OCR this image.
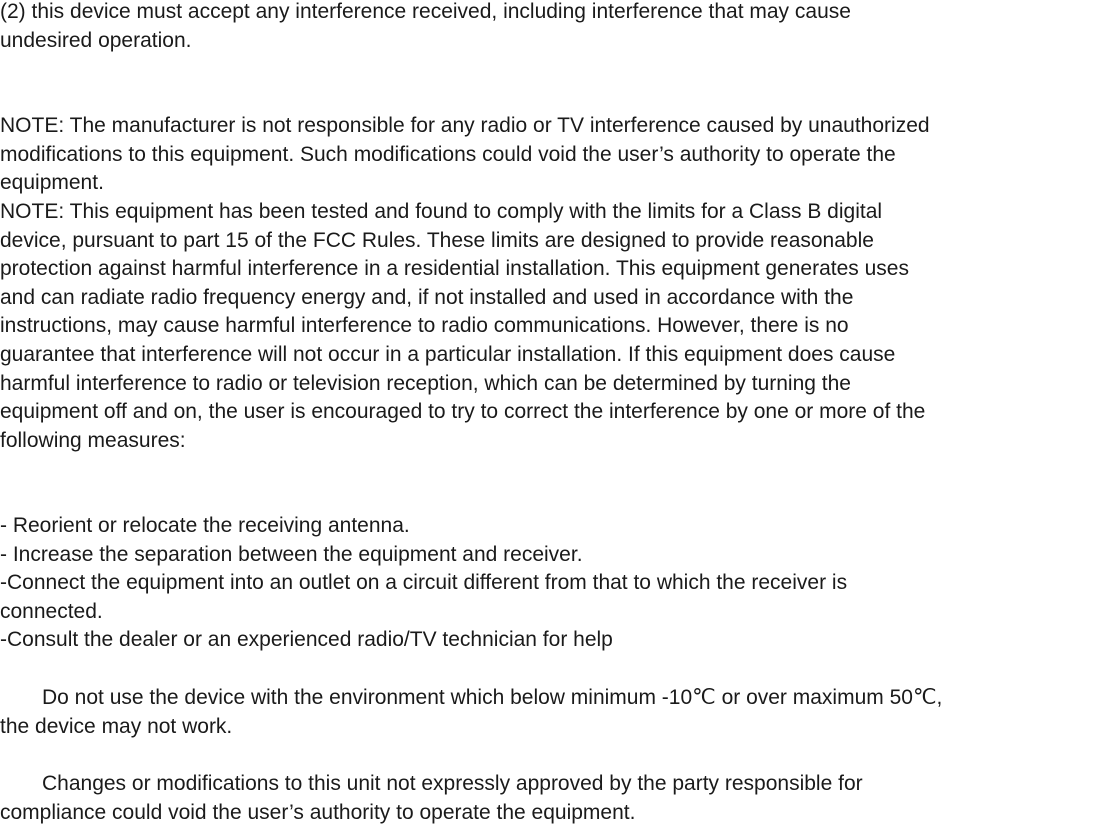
(2) this device must accept any interference received, including interference that may cause
undesired operation.
NOTE: The manufacturer is not responsible for any radio or TV interference caused by unauthorized
modifications to this equipment. Such modifications could void the user’s authority to operate the
equipment.
NOTE: This equipment has been tested and found to comply with the limits for a Class B digital
device, pursuant to part 15 of the FCC Rules. These limits are designed to provide reasonable
protection against harmful interference in a residential installation. This equipment generates uses
and can radiate radio frequency energy and, if not installed and used in accordance with the
instructions, may cause harmful interference to radio communications. However, there is no
guarantee that interference will not occur in a particular installation. If this equipment does cause
harmful interference to radio or television reception, which can be determined by turning the
equipment off and on, the user is encouraged to try to correct the interference by one or more of the
following measures:
- Reorient or relocate the receiving antenna.
- Increase the separation between the equipment and receiver.
-Connect the equipment into an outlet on a circuit different from that to which the receiver is
connected.
-Consult the dealer or an experienced radio/TV technician for help
Do not use the device with the environment which below minimum -10℃ or over maximum 50℃,
the device may not work.
Changes or modifications to this unit not expressly approved by the party responsible for
compliance could void the user’s authority to operate the equipment.
